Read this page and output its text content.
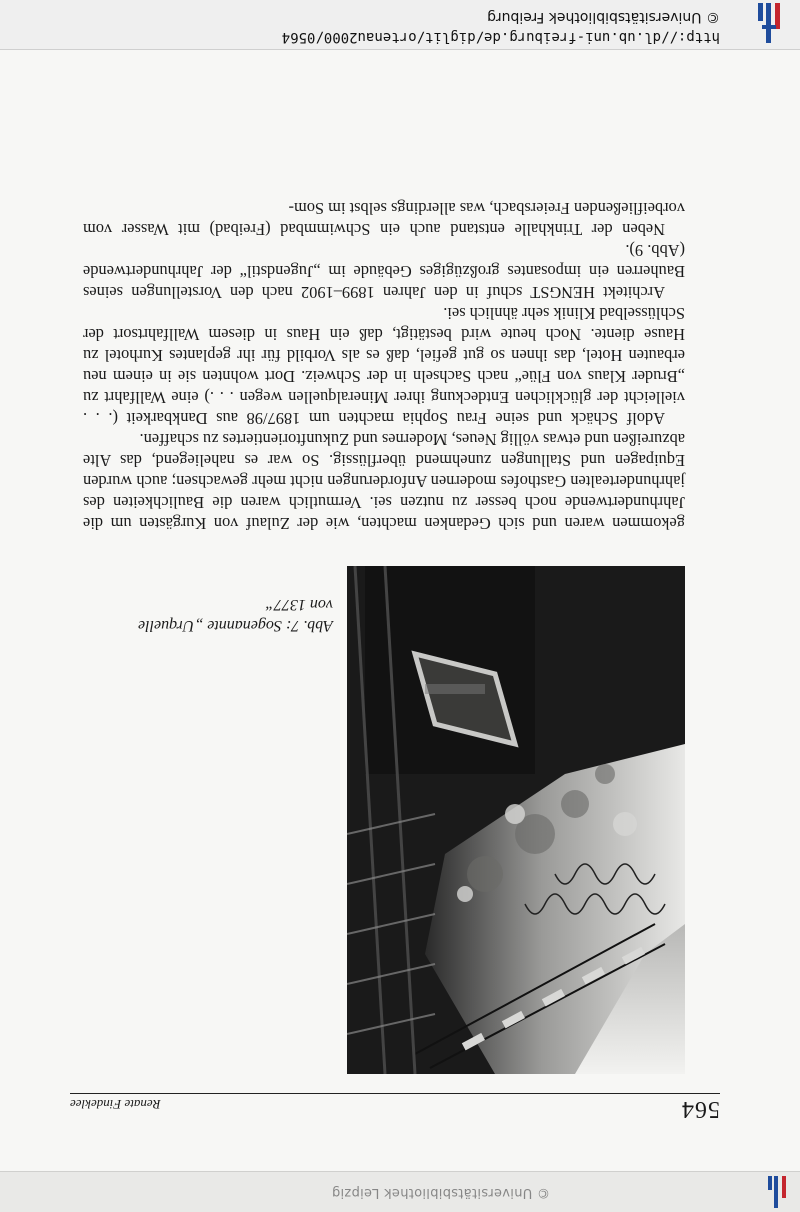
© Universitätsbibliothek Leipzig
564
Renate Findeklee
Abb. 7: Sogenannte „Urquelle von 1377“

gekommen waren und sich Gedanken machten, wie der Zulauf von Kurgästen um die Jahrhundertwende noch besser zu nutzen sei. Vermutlich waren die Baulichkeiten des jahrhundertealten Gasthofes modernen Anforderungen nicht mehr gewachsen; auch wurden Equipagen und Stallungen zunehmend überflüssig. So war es naheliegend, das Alte abzureißen und etwas völlig Neues, Modernes und Zukunftorientiertes zu schaffen.

Adolf Schäck und seine Frau Sophia machten um 1897/98 aus Dankbarkeit (. . . vielleicht der glücklichen Entdeckung ihrer Mineralquellen wegen . . .) eine Wallfahrt zu „Bruder Klaus von Flüe“ nach Sachseln in der Schweiz. Dort wohnten sie in einem neu erbauten Hotel, das ihnen so gut gefiel, daß es als Vorbild für ihr geplantes Kurhotel zu Hause diente. Noch heute wird bestätigt, daß ein Haus in diesem Wallfahrtsort der Schlüsselbad Klinik sehr ähnlich sei.

Architekt HENGST schuf in den Jahren 1899–1902 nach den Vorstellungen seines Bauherren ein imposantes großzügiges Gebäude im „Jugendstil“ der Jahrhundertwende (Abb. 9).

Neben der Trinkhalle entstand auch ein Schwimmbad (Freibad) mit Wasser vom vorbeifließenden Freiersbach, was allerdings selbst im Som-

http://dl.ub.uni-freiburg.de/diglit/ortenau2000/0564
© Universitätsbibliothek Freiburg
